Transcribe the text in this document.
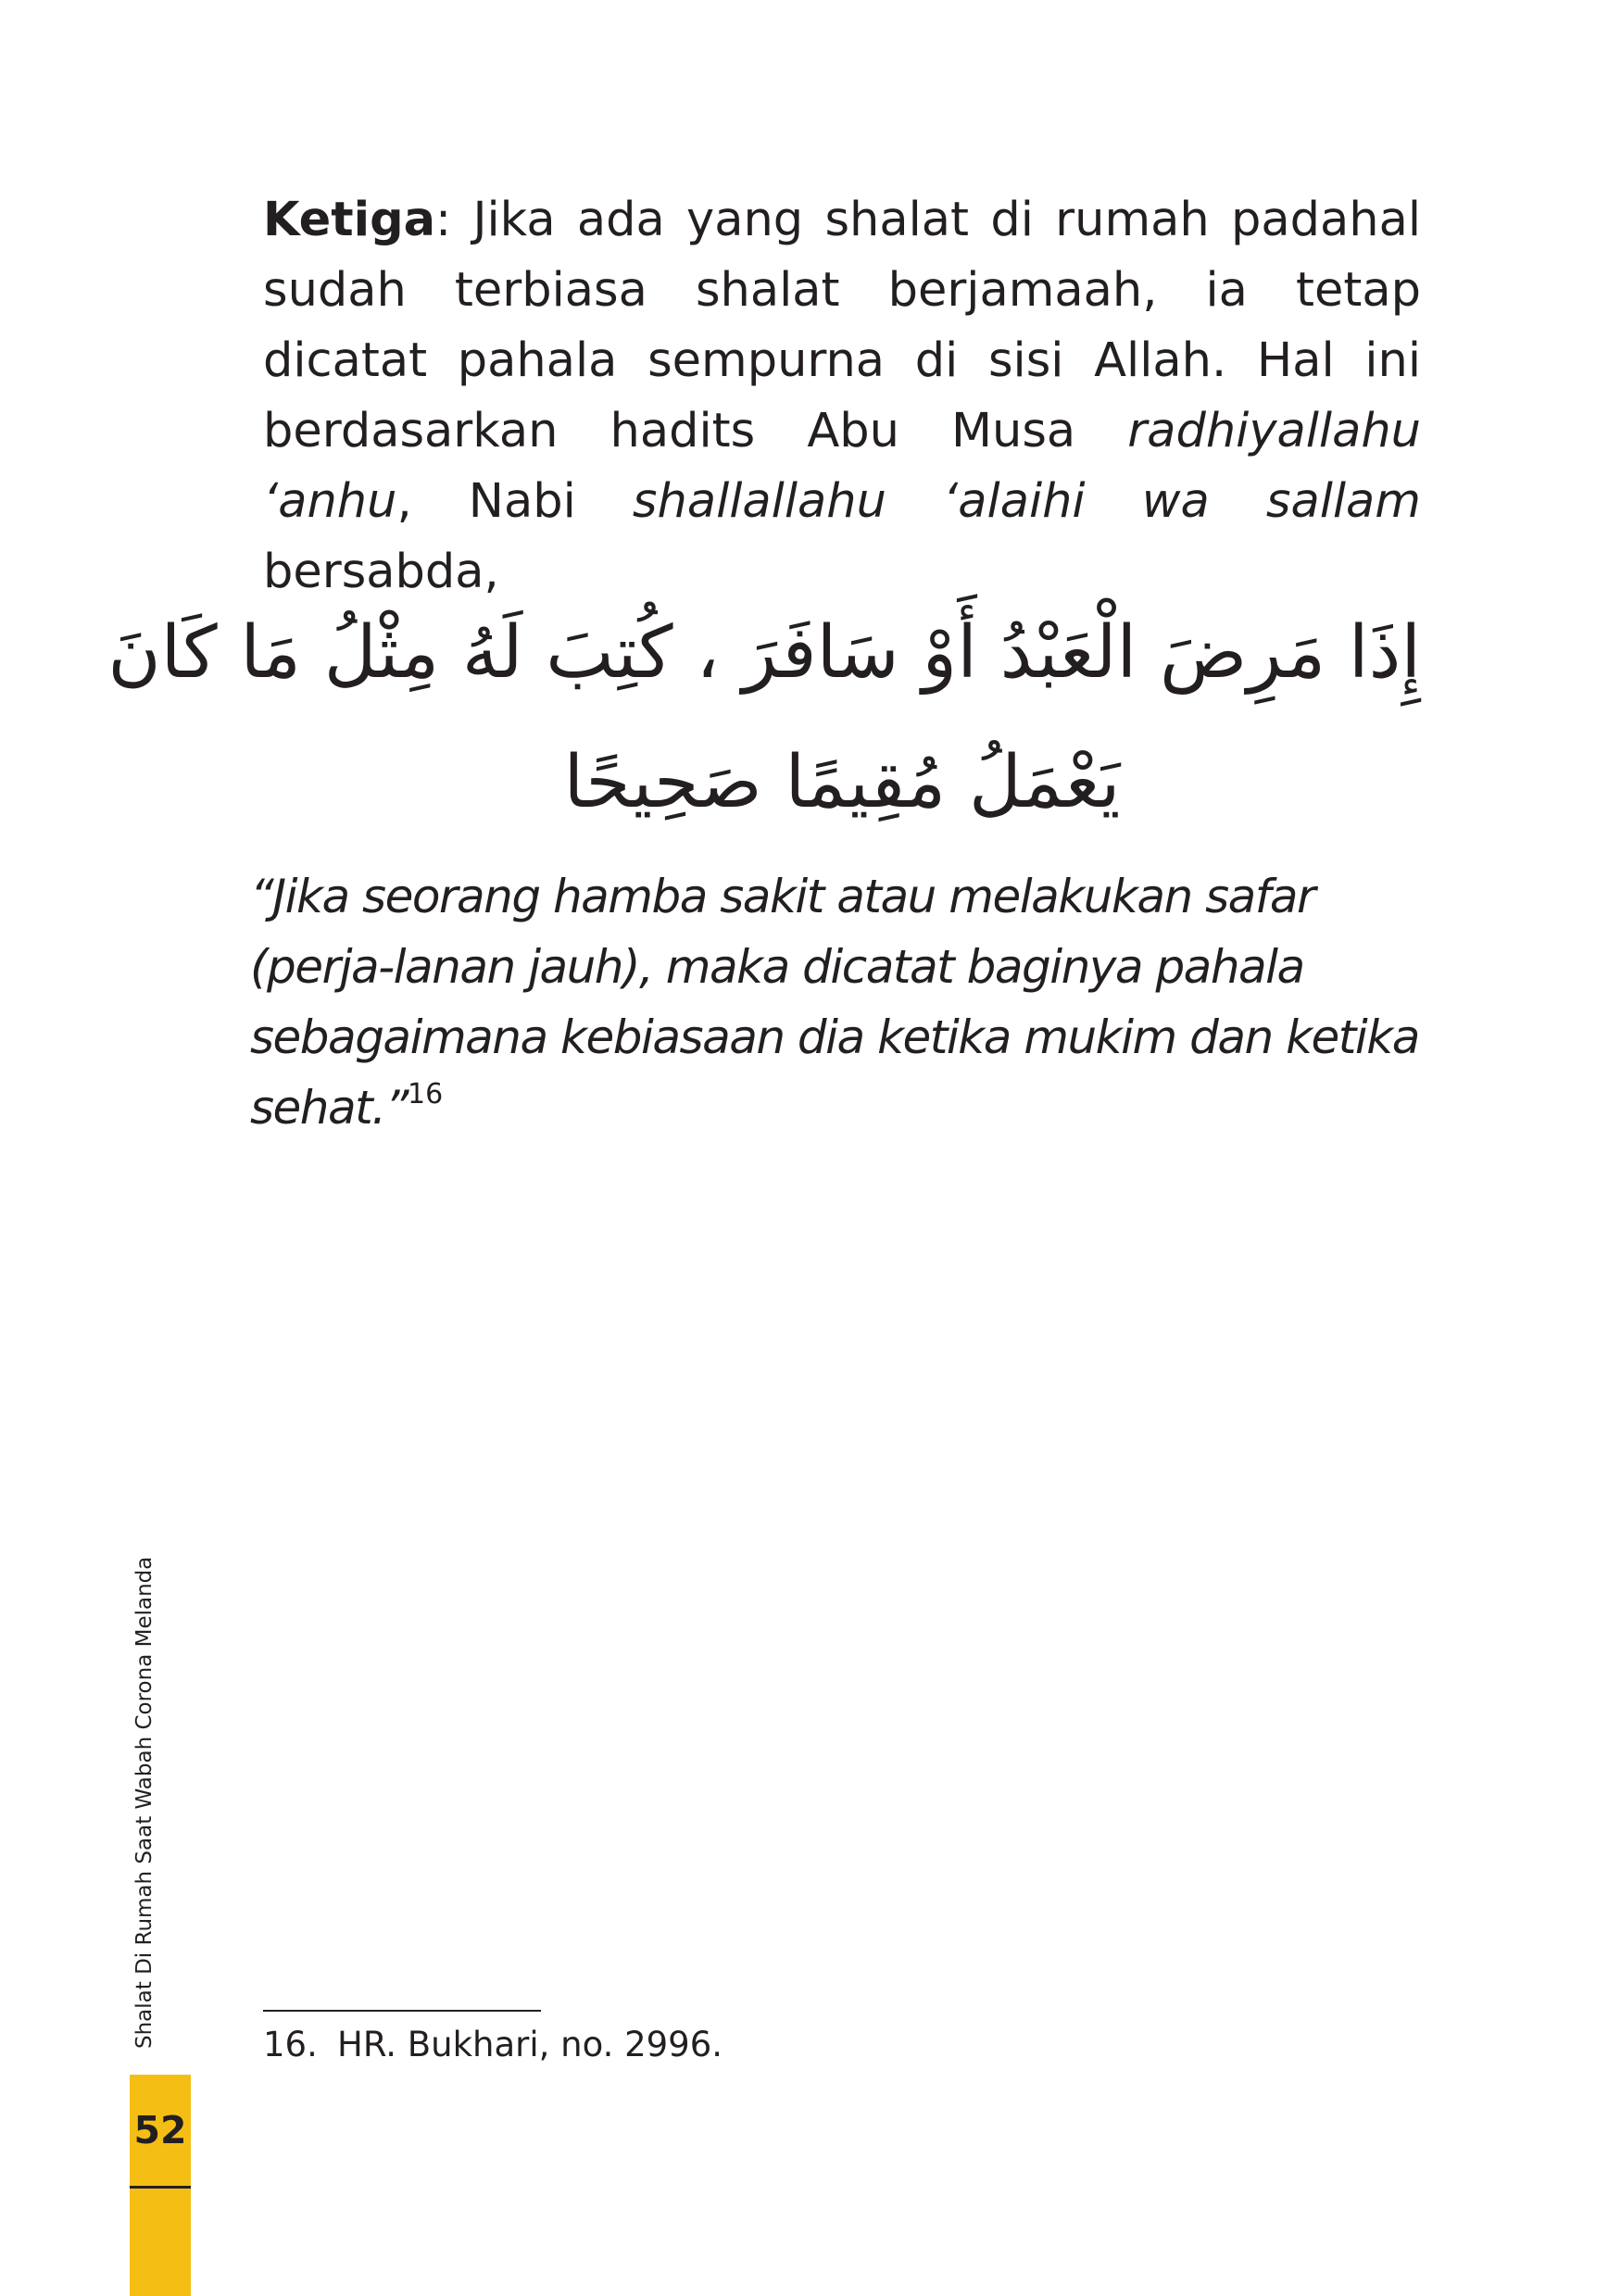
Ketiga: Jika ada yang shalat di rumah padahal sudah terbiasa shalat berjamaah, ia tetap dicatat pahala sempurna di sisi Allah. Hal ini berdasarkan hadits Abu Musa radhiyallahu ‘anhu, Nabi shallallahu ‘alaihi wa sallam bersabda,
إِذَا مَرِضَ الْعَبْدُ أَوْ سَافَرَ ، كُتِبَ لَهُ مِثْلُ مَا كَانَ
يَعْمَلُ مُقِيمًا صَحِيحًا
“Jika seorang hamba sakit atau melakukan safar (perja-lanan jauh), maka dicatat baginya pahala sebagaimana kebiasaan dia ketika mukim dan ketika sehat.”$^{16}$
16. HR. Bukhari, no. 2996.
Shalat Di Rumah Saat Wabah Corona Melanda
52
